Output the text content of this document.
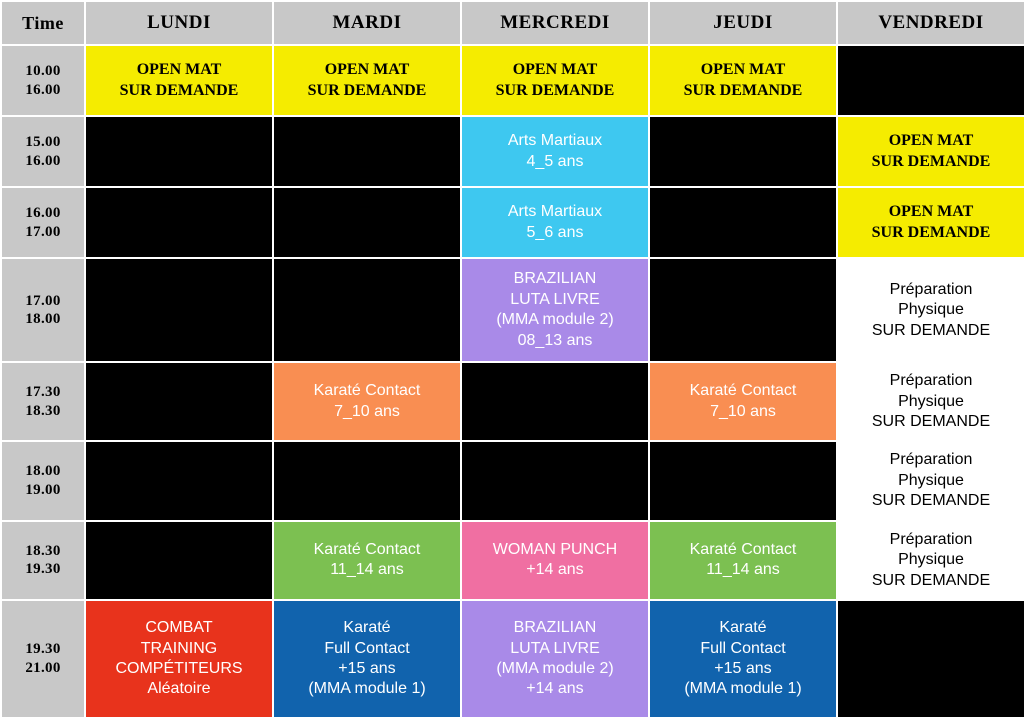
Time	LUNDI	MARDI	MERCREDI	JEUDI	VENDREDI

10.00
16.00	OPEN MAT
SUR DEMANDE	OPEN MAT
SUR DEMANDE	OPEN MAT
SUR DEMANDE	OPEN MAT
SUR DEMANDE	

15.00
16.00			Arts Martiaux
4_5 ans		OPEN MAT
SUR DEMANDE

16.00
17.00			Arts Martiaux
5_6 ans		OPEN MAT
SUR DEMANDE

17.00
18.00			BRAZILIAN
LUTA LIVRE
(MMA module 2)
08_13 ans		Préparation
Physique
SUR DEMANDE

17.30
18.30		Karaté Contact
7_10 ans		Karaté Contact
7_10 ans	Préparation
Physique
SUR DEMANDE

18.00
19.00					Préparation
Physique
SUR DEMANDE

18.30
19.30		Karaté Contact
11_14 ans	WOMAN PUNCH
+14 ans	Karaté Contact
11_14 ans	Préparation
Physique
SUR DEMANDE

19.30
21.00	COMBAT
TRAINING
COMPÉTITEURS
Aléatoire	Karaté
Full Contact
+15 ans
(MMA module 1)	BRAZILIAN
LUTA LIVRE
(MMA module 2)
+14 ans	Karaté
Full Contact
+15 ans
(MMA module 1)	
